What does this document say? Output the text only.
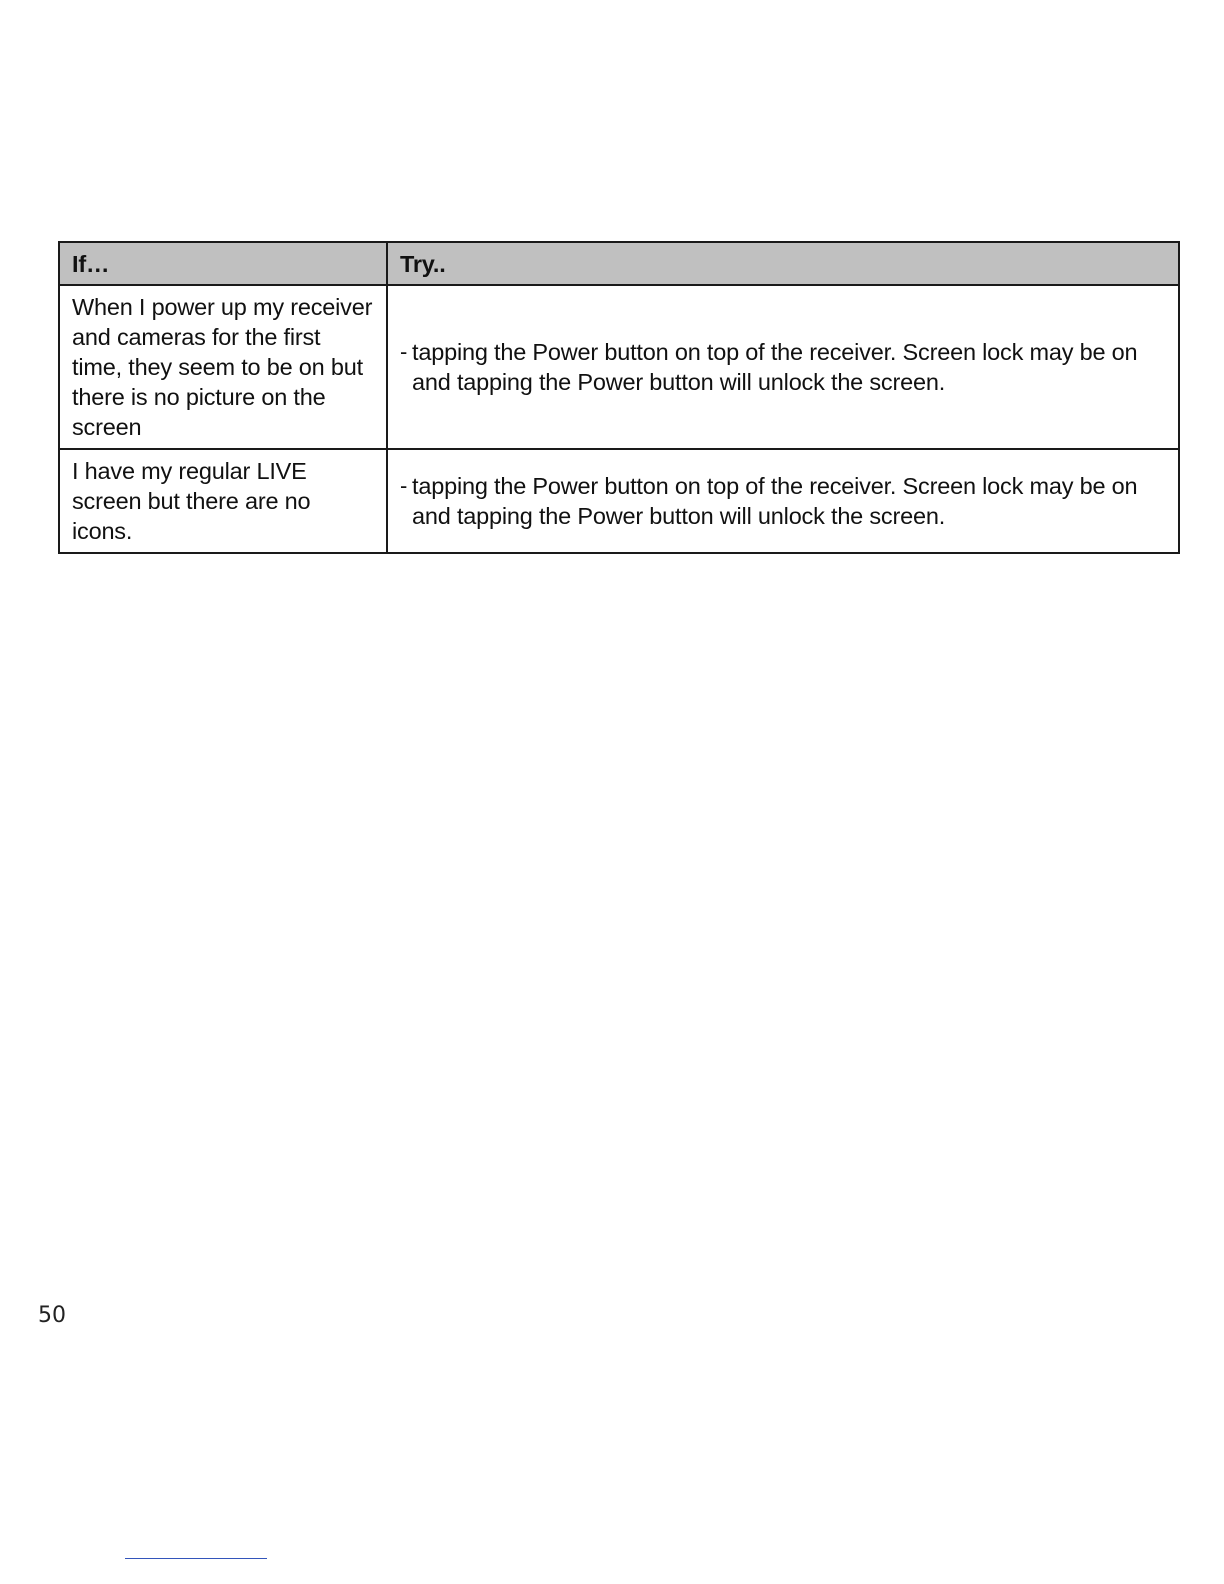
If…	Try..
When I power up my receiver and cameras for the first time, they seem to be on but there is no picture on the screen	- tapping the Power button on top of the receiver. Screen lock may be on and tapping the Power button will unlock the screen.

I have my regular LIVE screen but there are no icons.	- tapping the Power button on top of the receiver. Screen lock may be on and tapping the Power button will unlock the screen.
50
